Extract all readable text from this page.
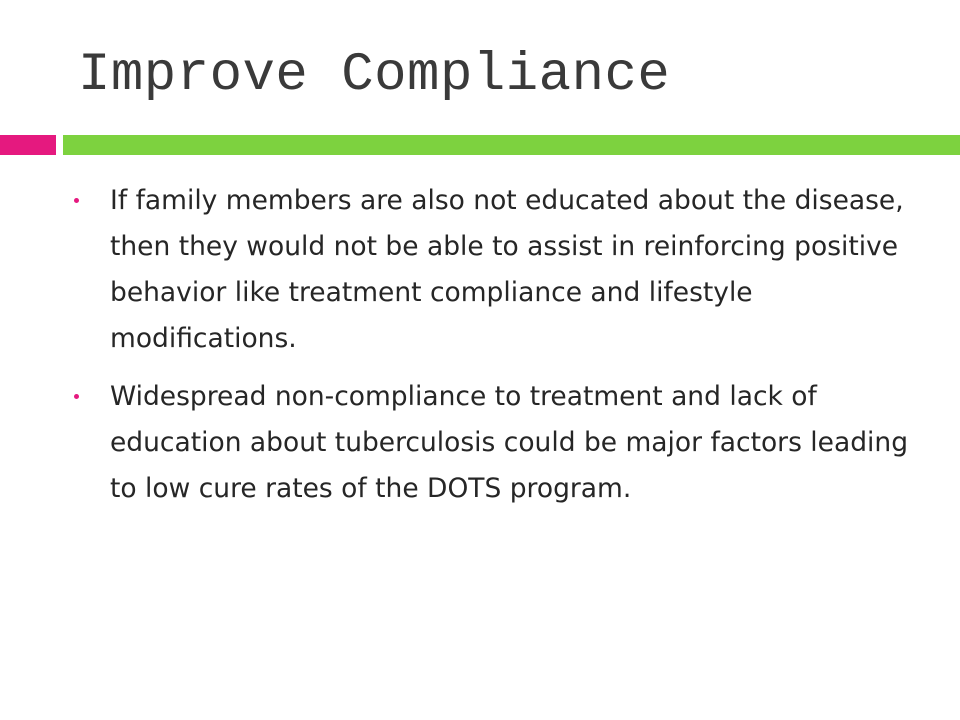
Improve Compliance
If family members are also not educated about the disease, then they would not be able to assist in reinforcing positive behavior like treatment compliance and lifestyle modifications.
Widespread non-compliance to treatment and lack of education about tuberculosis could be major factors leading to low cure rates of the DOTS program.
